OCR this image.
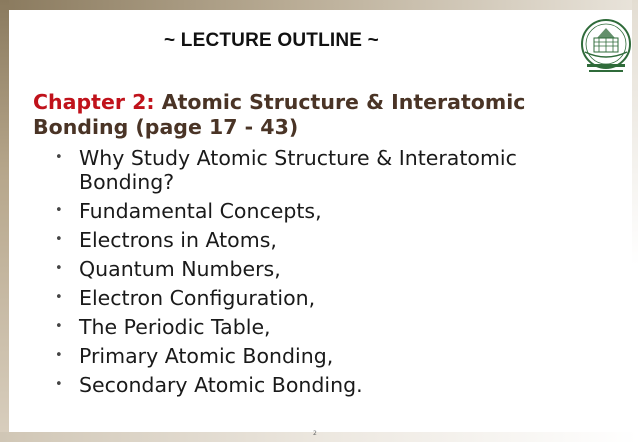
~ LECTURE OUTLINE ~
Chapter 2: Atomic Structure & Interatomic Bonding (page 17 - 43)
• Why Study Atomic Structure & Interatomic Bonding?
• Fundamental Concepts,
• Electrons in Atoms,
• Quantum Numbers,
• Electron Configuration,
• The Periodic Table,
• Primary Atomic Bonding,
• Secondary Atomic Bonding.
2
